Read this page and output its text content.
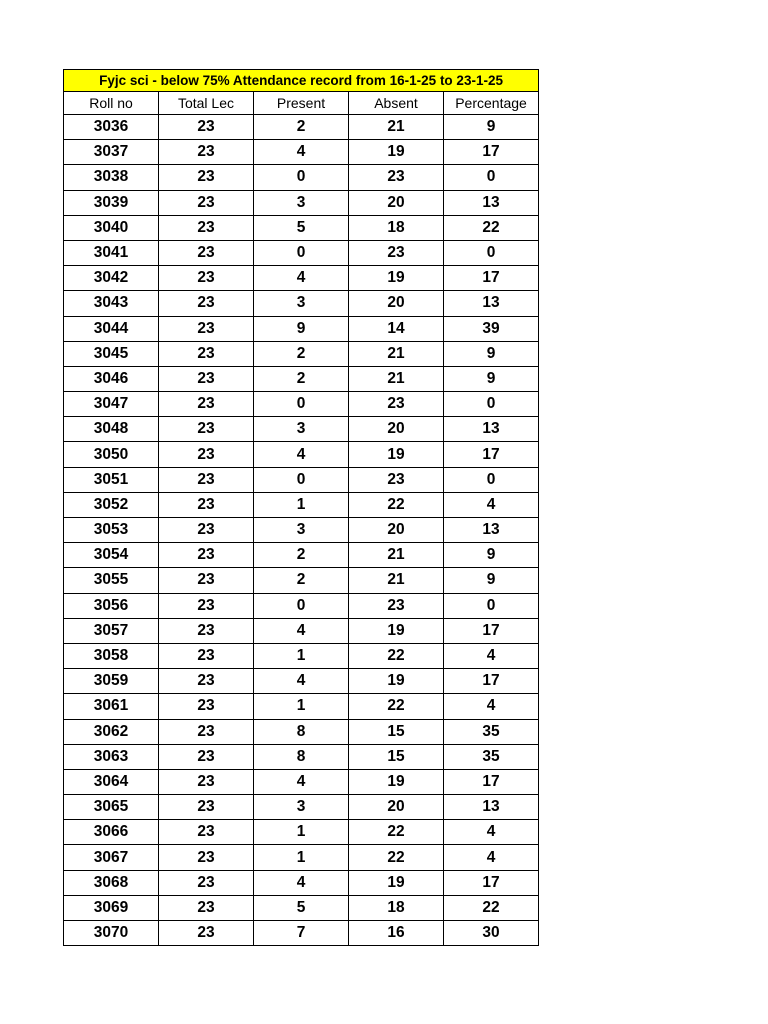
Fyjc sci - below 75% Attendance record from 16-1-25 to 23-1-25				
Roll no	Total Lec	Present	Absent	Percentage
3036	23	2	21	9
3037	23	4	19	17
3038	23	0	23	0
3039	23	3	20	13
3040	23	5	18	22
3041	23	0	23	0
3042	23	4	19	17
3043	23	3	20	13
3044	23	9	14	39
3045	23	2	21	9
3046	23	2	21	9
3047	23	0	23	0
3048	23	3	20	13
3050	23	4	19	17
3051	23	0	23	0
3052	23	1	22	4
3053	23	3	20	13
3054	23	2	21	9
3055	23	2	21	9
3056	23	0	23	0
3057	23	4	19	17
3058	23	1	22	4
3059	23	4	19	17
3061	23	1	22	4
3062	23	8	15	35
3063	23	8	15	35
3064	23	4	19	17
3065	23	3	20	13
3066	23	1	22	4
3067	23	1	22	4
3068	23	4	19	17
3069	23	5	18	22
3070	23	7	16	30
